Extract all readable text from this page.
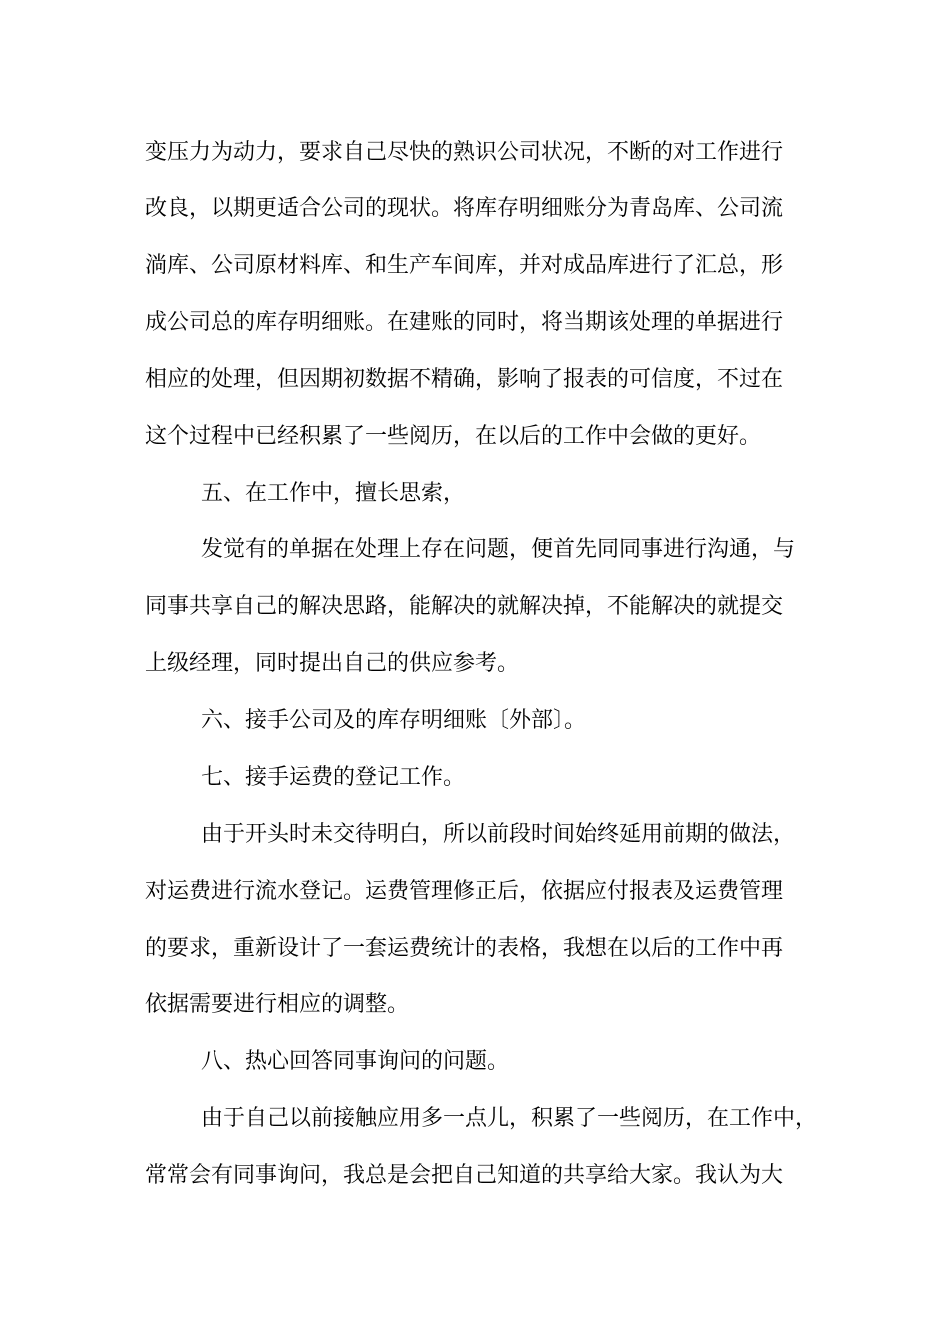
变压力为动力，要求自己尽快的熟识公司状况，不断的对工作进行
改良，以期更适合公司的现状。将库存明细账分为青岛库、公司流
淌库、公司原材料库、和生产车间库，并对成品库进行了汇总，形
成公司总的库存明细账。在建账的同时，将当期该处理的单据进行
相应的处理，但因期初数据不精确，影响了报表的可信度，不过在
这个过程中已经积累了一些阅历，在以后的工作中会做的更好。
五、在工作中，擅长思索，
发觉有的单据在处理上存在问题，便首先同同事进行沟通，与
同事共享自己的解决思路，能解决的就解决掉，不能解决的就提交
上级经理，同时提出自己的供应参考。
六、接手公司及的库存明细账〔外部〕。
七、接手运费的登记工作。
由于开头时未交待明白，所以前段时间始终延用前期的做法，
对运费进行流水登记。运费管理修正后，依据应付报表及运费管理
的要求，重新设计了一套运费统计的表格，我想在以后的工作中再
依据需要进行相应的调整。
八、热心回答同事询问的问题。
由于自己以前接触应用多一点儿，积累了一些阅历，在工作中，
常常会有同事询问，我总是会把自己知道的共享给大家。我认为大
